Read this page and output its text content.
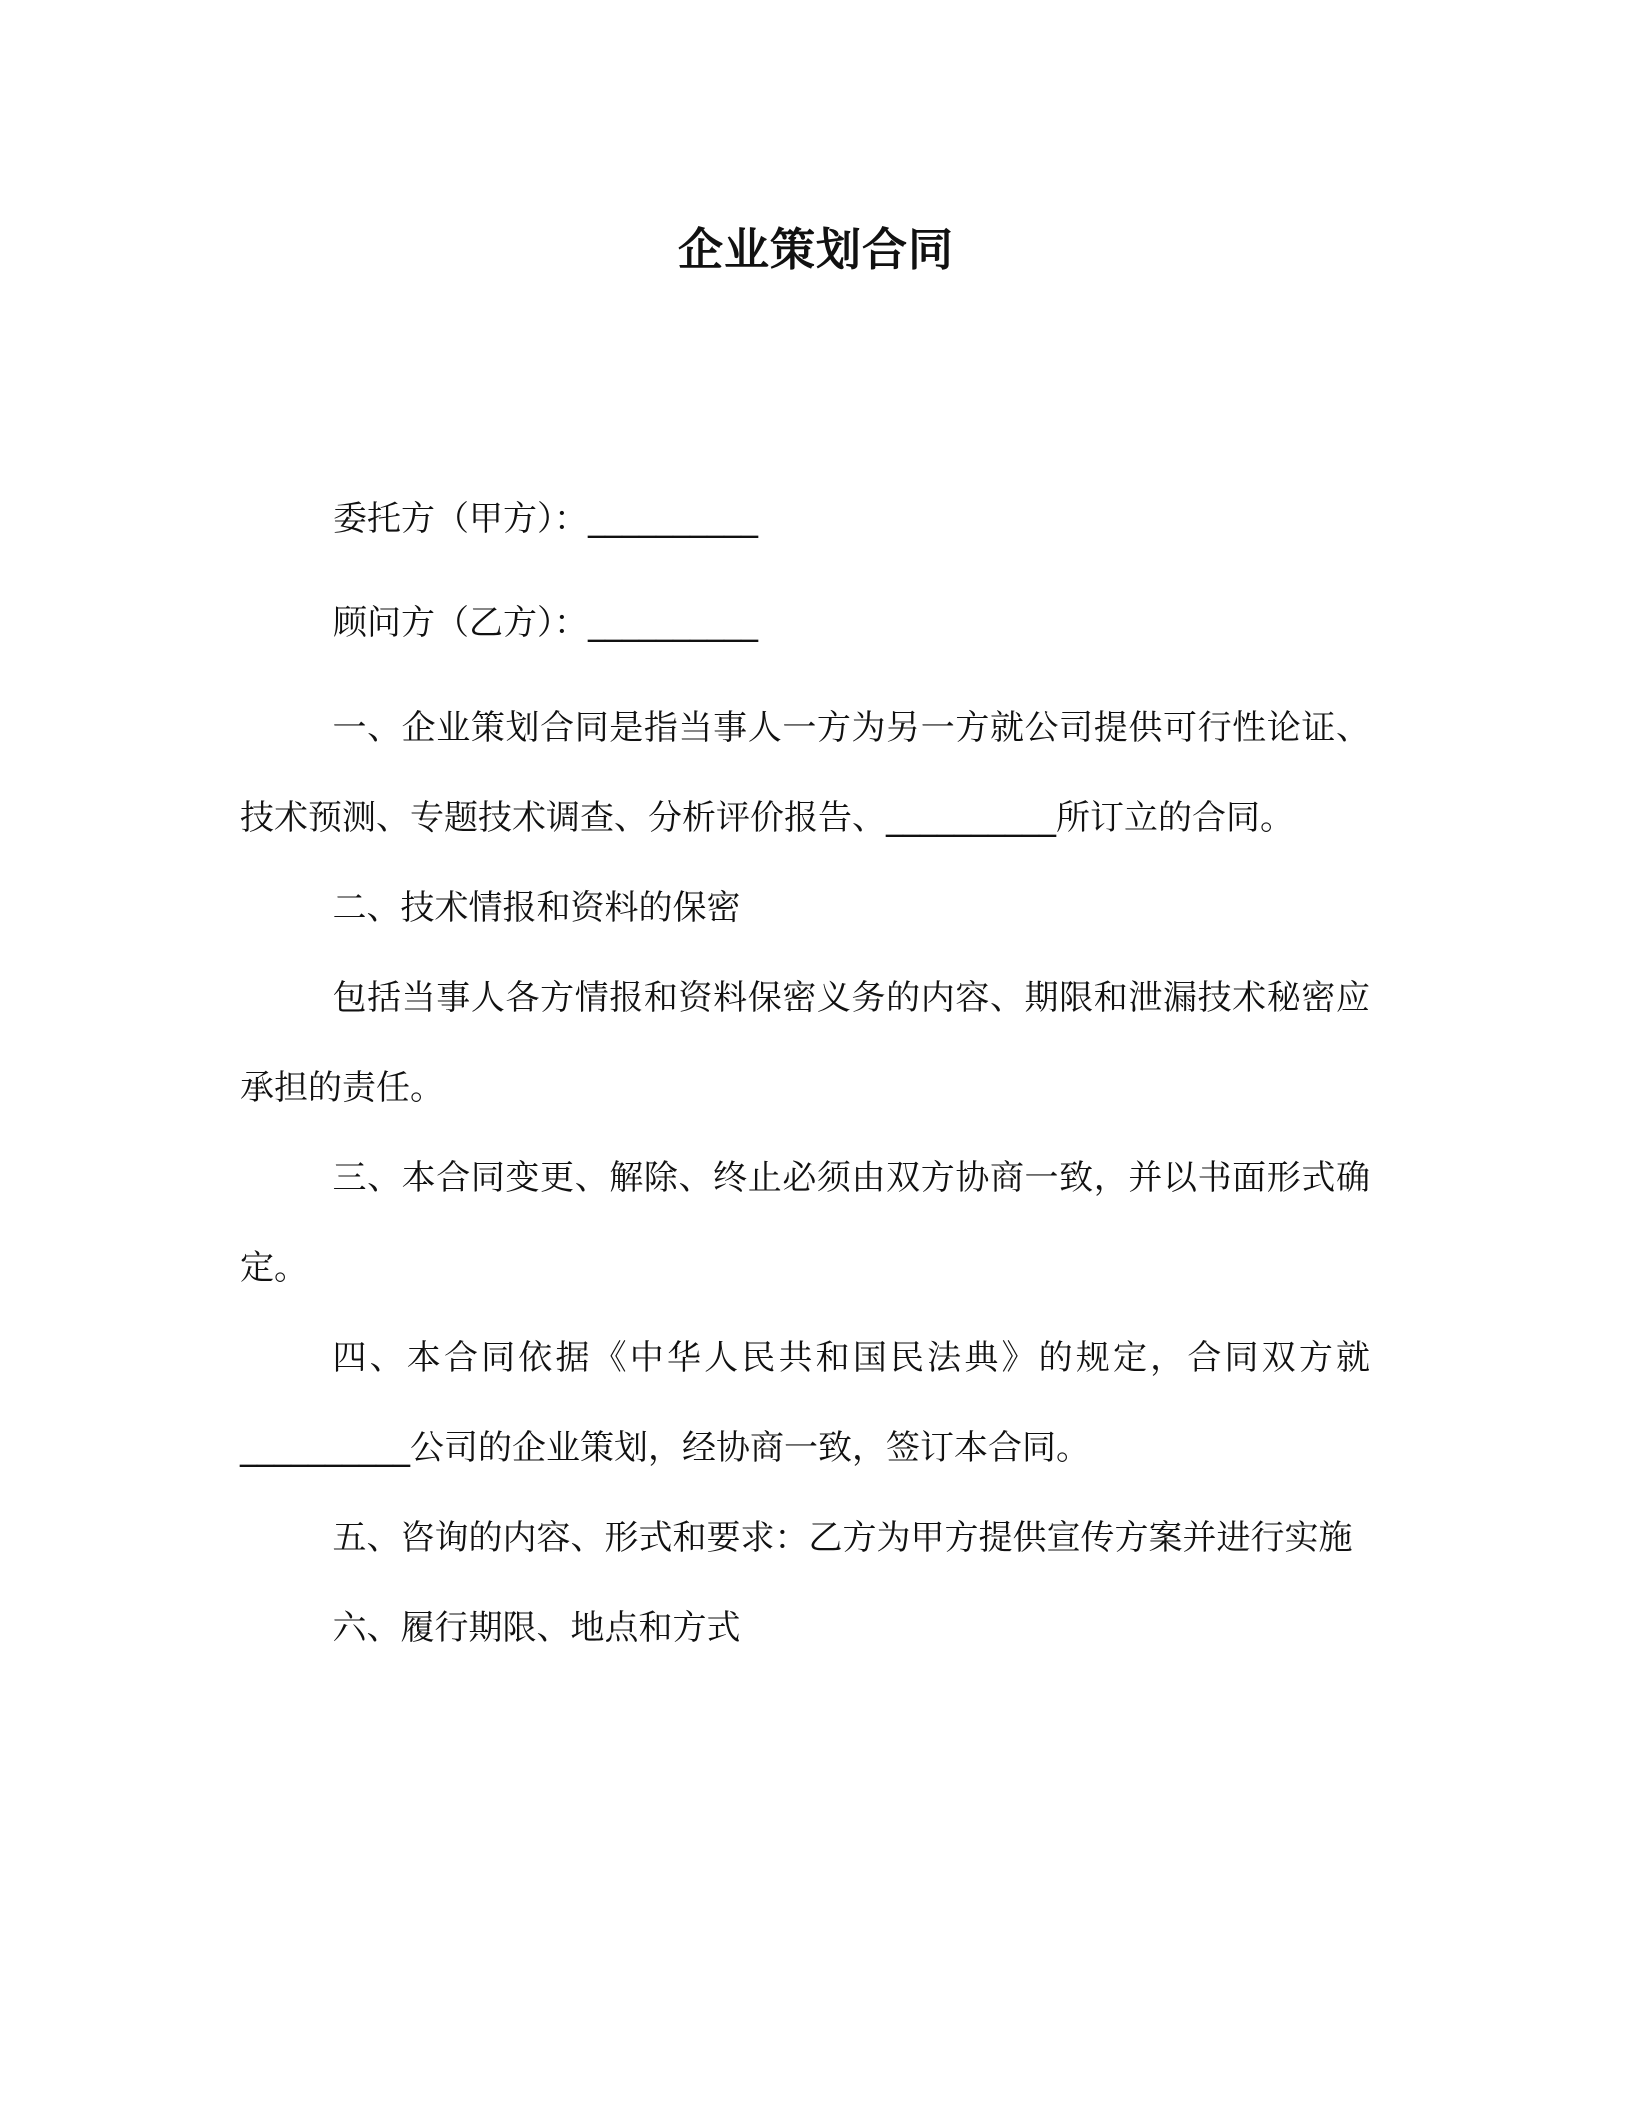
企业策划合同
委托方（甲方）：__________
顾问方（乙方）：__________

一、企业策划合同是指当事人一方为另一方就公司提供可行性论证、技术预测、专题技术调查、分析评价报告、__________所订立的合同。

二、技术情报和资料的保密

包括当事人各方情报和资料保密义务的内容、期限和泄漏技术秘密应承担的责任。

三、本合同变更、解除、终止必须由双方协商一致，并以书面形式确定。

四、本合同依据《中华人民共和国民法典》的规定，合同双方就__________公司的企业策划，经协商一致，签订本合同。

五、咨询的内容、形式和要求：乙方为甲方提供宣传方案并进行实施

六、履行期限、地点和方式
